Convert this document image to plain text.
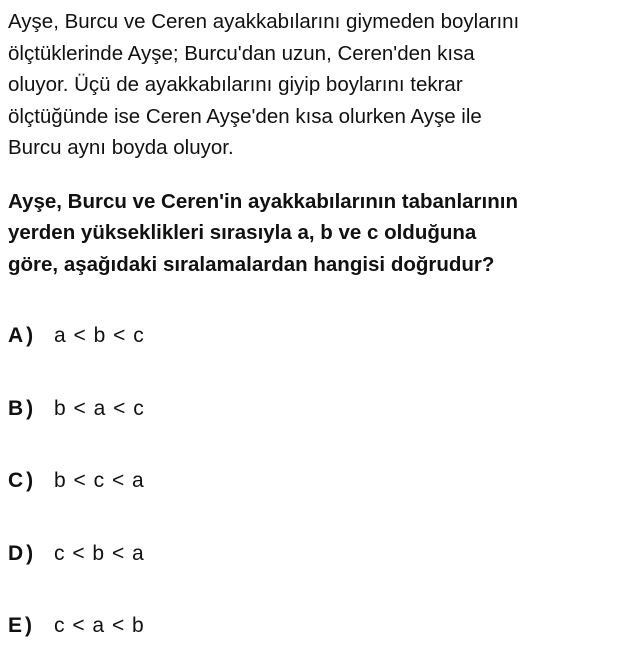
Ayşe, Burcu ve Ceren ayakkabılarını giymeden boylarını
ölçtüklerinde Ayşe; Burcu'dan uzun, Ceren'den kısa
oluyor. Üçü de ayakkabılarını giyip boylarını tekrar
ölçtüğünde ise Ceren Ayşe'den kısa olurken Ayşe ile
Burcu aynı boyda oluyor.

Ayşe, Burcu ve Ceren'in ayakkabılarının tabanlarının
yerden yükseklikleri sırasıyla a, b ve c olduğuna
göre, aşağıdaki sıralamalardan hangisi doğrudur?

A) a < b < c
B) b < a < c
C) b < c < a
D) c < b < a
E) c < a < b
